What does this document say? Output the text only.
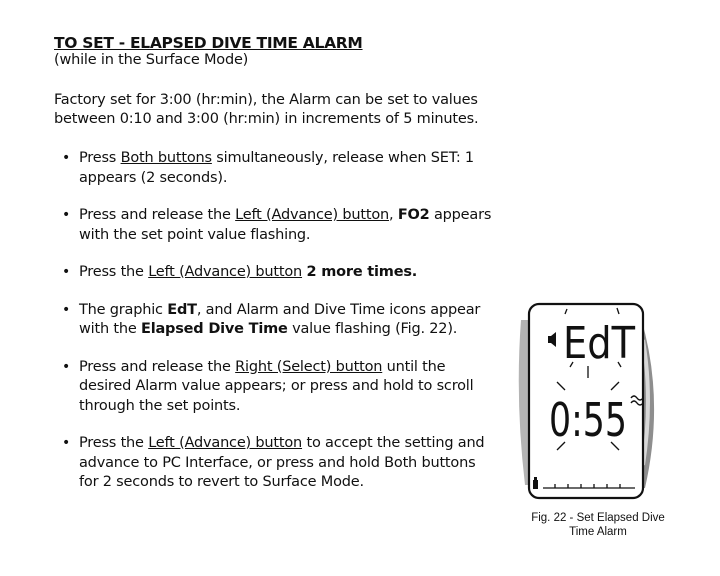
TO SET - ELAPSED DIVE TIME ALARM
(while in the Surface Mode)

Factory set for 3:00 (hr:min), the Alarm can be set to values between 0:10 and 3:00 (hr:min) in increments of 5 minutes.

• Press Both buttons simultaneously, release when SET: 1 appears (2 seconds).
• Press and release the Left (Advance) button, FO2 appears with the set point value flashing.
• Press the Left (Advance) button 2 more times.
• The graphic EdT, and Alarm and Dive Time icons appear with the Elapsed Dive Time value flashing (Fig. 22).
• Press and release the Right (Select) button until the desired Alarm value appears; or press and hold to scroll through the set points.
• Press the Left (Advance) button to accept the setting and advance to PC Interface, or press and hold Both buttons for 2 seconds to revert to Surface Mode.
EdT
0:55

Fig. 22 - Set Elapsed Dive
Time Alarm
